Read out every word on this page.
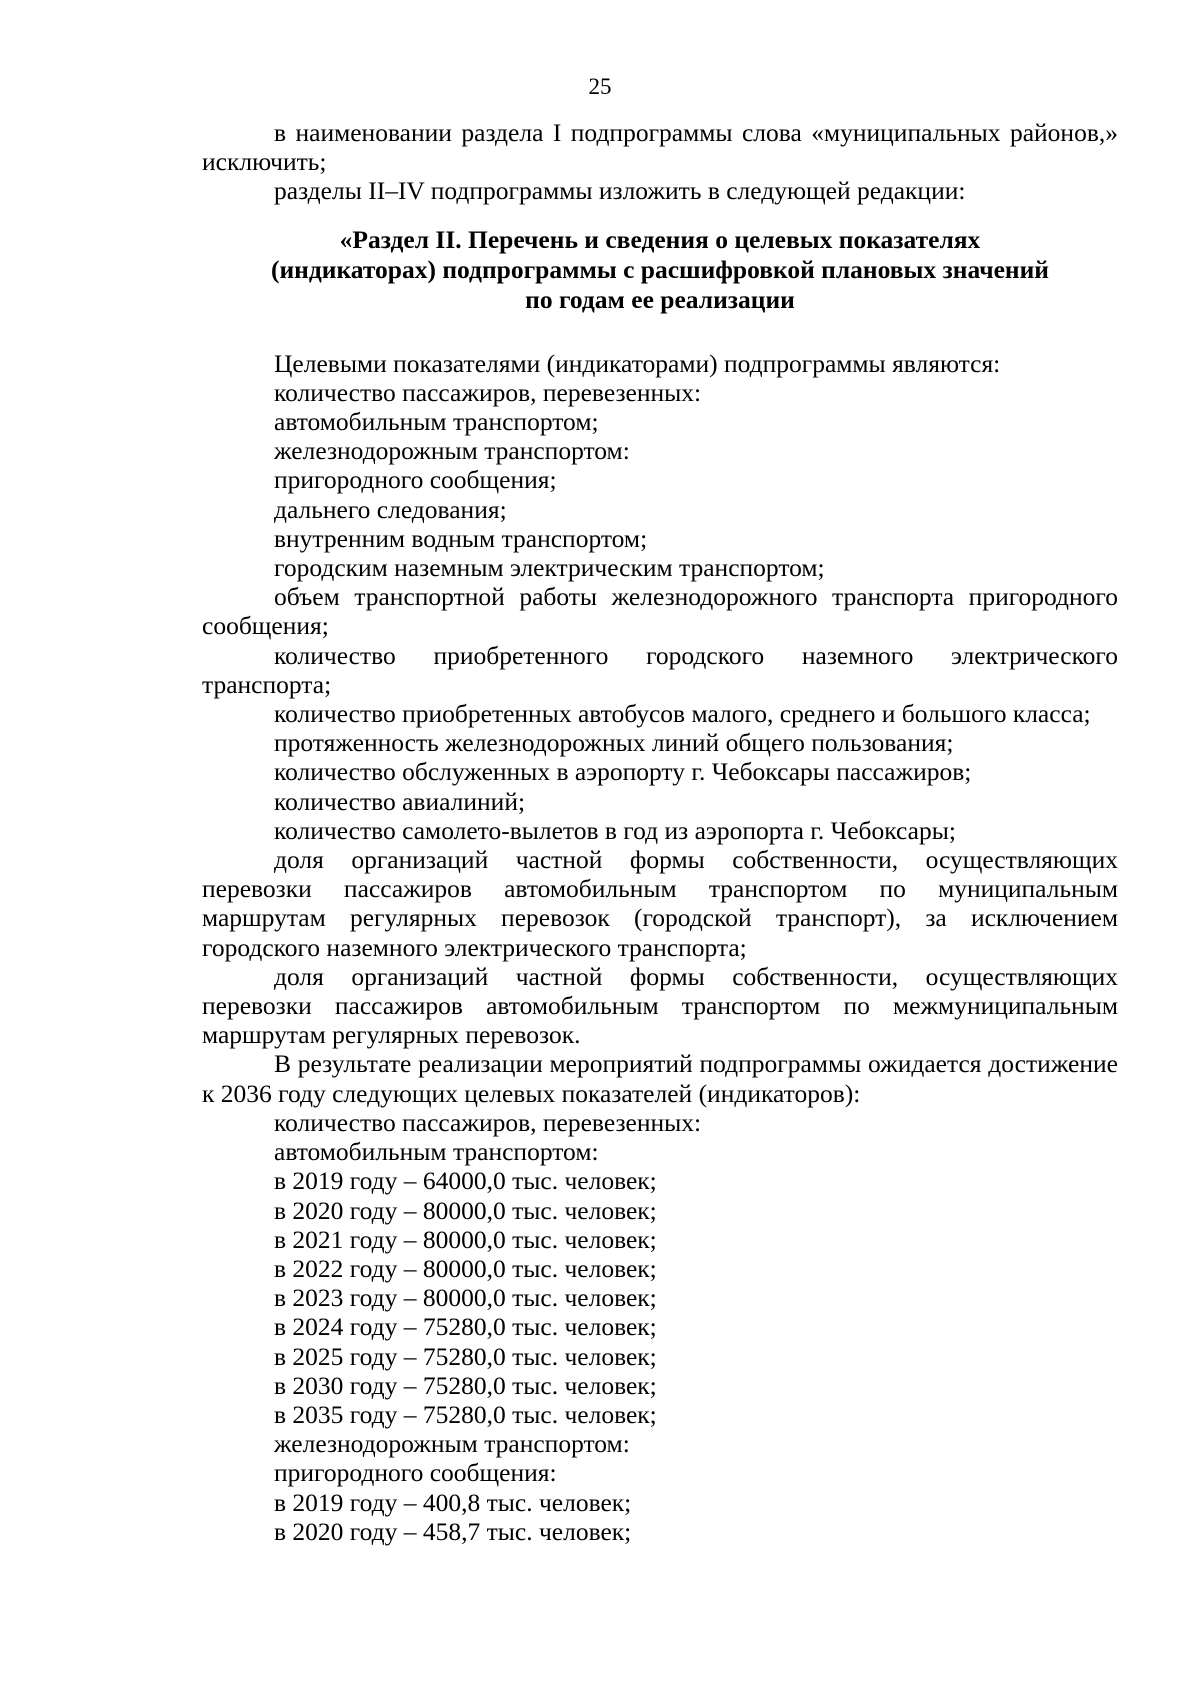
25

в наименовании раздела I подпрограммы слова «муниципальных районов,» исключить;

разделы II–IV подпрограммы изложить в следующей редакции:

«Раздел II. Перечень и сведения о целевых показателях
(индикаторах) подпрограммы с расшифровкой плановых значений
по годам ее реализации

Целевыми показателями (индикаторами) подпрограммы являются:

количество пассажиров, перевезенных:

автомобильным транспортом;

железнодорожным транспортом:

пригородного сообщения;

дальнего следования;

внутренним водным транспортом;

городским наземным электрическим транспортом;

объем транспортной работы железнодорожного транспорта пригородного сообщения;

количество приобретенного городского наземного электрического транспорта;

количество приобретенных автобусов малого, среднего и большого класса;

протяженность железнодорожных линий общего пользования;

количество обслуженных в аэропорту г. Чебоксары пассажиров;

количество авиалиний;

количество самолето-вылетов в год из аэропорта г. Чебоксары;

доля организаций частной формы собственности, осуществляющих перевозки пассажиров автомобильным транспортом по муниципальным маршрутам регулярных перевозок (городской транспорт), за исключением городского наземного электрического транспорта;

доля организаций частной формы собственности, осуществляющих перевозки пассажиров автомобильным транспортом по межмуниципальным маршрутам регулярных перевозок.

В результате реализации мероприятий подпрограммы ожидается достижение к 2036 году следующих целевых показателей (индикаторов):

количество пассажиров, перевезенных:

автомобильным транспортом:

в 2019 году – 64000,0 тыс. человек;

в 2020 году – 80000,0 тыс. человек;

в 2021 году – 80000,0 тыс. человек;

в 2022 году – 80000,0 тыс. человек;

в 2023 году – 80000,0 тыс. человек;

в 2024 году – 75280,0 тыс. человек;

в 2025 году – 75280,0 тыс. человек;

в 2030 году – 75280,0 тыс. человек;

в 2035 году – 75280,0 тыс. человек;

железнодорожным транспортом:

пригородного сообщения:

в 2019 году – 400,8 тыс. человек;

в 2020 году – 458,7 тыс. человек;
